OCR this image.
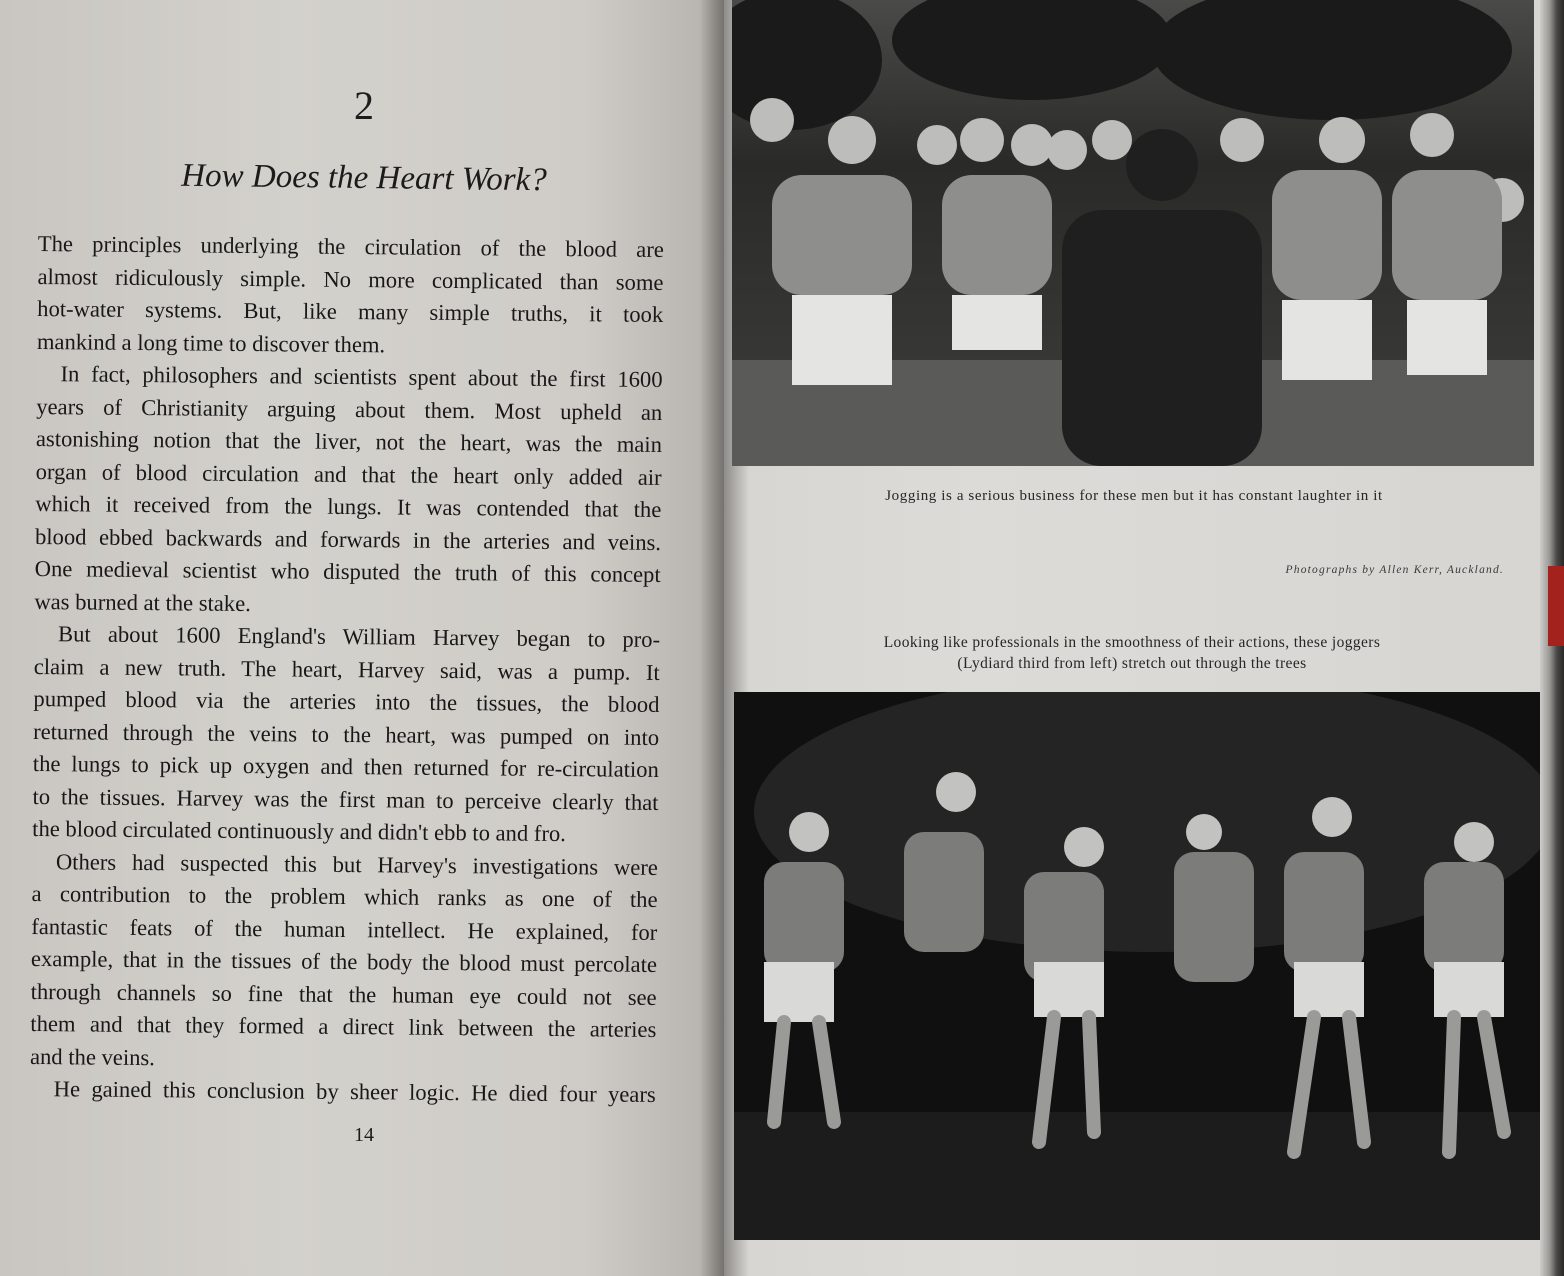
2
How Does the Heart Work?
The principles underlying the circulation of the blood are
almost ridiculously simple. No more complicated than some
hot-water systems. But, like many simple truths, it took
mankind a long time to discover them.
In fact, philosophers and scientists spent about the first 1600
years of Christianity arguing about them. Most upheld an
astonishing notion that the liver, not the heart, was the main
organ of blood circulation and that the heart only added air
which it received from the lungs. It was contended that the
blood ebbed backwards and forwards in the arteries and veins.
One medieval scientist who disputed the truth of this concept
was burned at the stake.
But about 1600 England's William Harvey began to pro-
claim a new truth. The heart, Harvey said, was a pump. It
pumped blood via the arteries into the tissues, the blood
returned through the veins to the heart, was pumped on into
the lungs to pick up oxygen and then returned for re-circulation
to the tissues. Harvey was the first man to perceive clearly that
the blood circulated continuously and didn't ebb to and fro.
Others had suspected this but Harvey's investigations were
a contribution to the problem which ranks as one of the
fantastic feats of the human intellect. He explained, for
example, that in the tissues of the body the blood must percolate
through channels so fine that the human eye could not see
them and that they formed a direct link between the arteries
and the veins.
He gained this conclusion by sheer logic. He died four years
14
Jogging is a serious business for these men but it has constant laughter in it
Photographs by Allen Kerr, Auckland.
Looking like professionals in the smoothness of their actions, these joggers
(Lydiard third from left) stretch out through the trees
